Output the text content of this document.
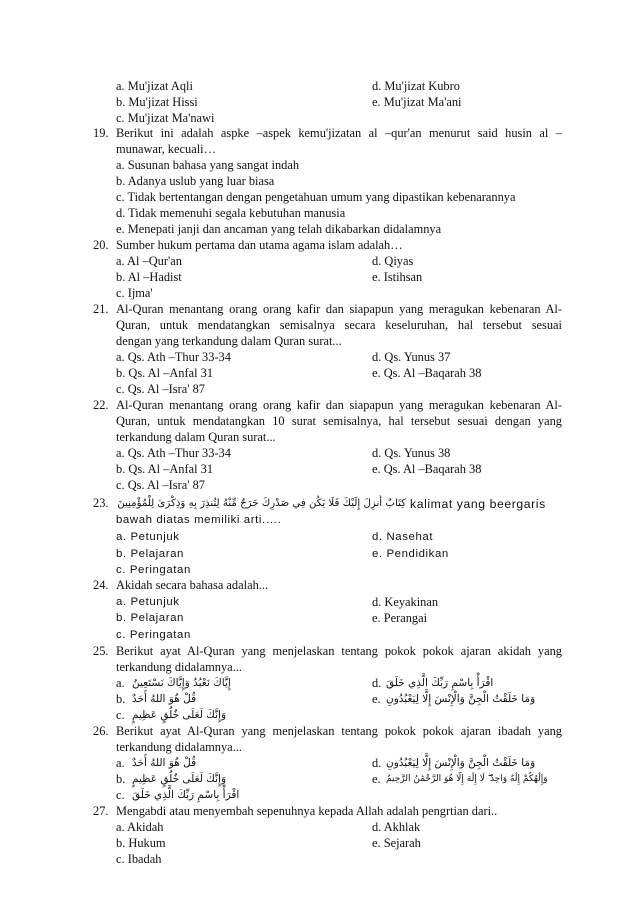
a. Mu'jizat Aqli	d. Mu'jizat Kubro
b. Mu'jizat Hissi	e. Mu'jizat Ma'ani
c. Mu'jizat Ma'nawi
19. Berikut ini adalah aspke –aspek kemu'jizatan al –qur'an menurut said husin al –
munawar, kecuali…
a. Susunan bahasa yang sangat indah
b. Adanya uslub yang luar biasa
c. Tidak bertentangan dengan pengetahuan umum yang dipastikan kebenarannya
d. Tidak memenuhi segala kebutuhan manusia
e. Menepati janji dan ancaman yang telah dikabarkan didalamnya
20. Sumber hukum pertama dan utama agama islam adalah…
a. Al –Qur'an	d. Qiyas
b. Al –Hadist	e. Istihsan
c. Ijma'
21. Al-Quran menantang orang orang kafir dan siapapun yang meragukan kebenaran Al-
Quran, untuk mendatangkan semisalnya secara keseluruhan, hal tersebut sesuai
dengan yang terkandung dalam Quran surat...
a. Qs. Ath –Thur 33-34	d. Qs. Yunus 37
b. Qs. Al –Anfal 31	e. Qs. Al –Baqarah 38
c. Qs. Al –Isra' 87
22. Al-Quran menantang orang orang kafir dan siapapun yang meragukan kebenaran Al-
Quran, untuk mendatangkan 10 surat semisalnya, hal tersebut sesuai dengan yang
terkandung dalam Quran surat...
a. Qs. Ath –Thur 33-34	d. Qs. Yunus 38
b. Qs. Al –Anfal 31	e. Qs. Al –Baqarah 38
c. Qs. Al –Isra' 87
23. كِتَابٌ أُنزِلَ إِلَيْكَ فَلَا يَكُن فِي صَدْرِكَ حَرَجٌ مِّنْهُ لِتُنذِرَ بِهِ وَذِكْرَىٰ لِلْمُؤْمِنِينَ kalimat yang beergaris
bawah diatas memiliki arti.….
a. Petunjuk	d. Nasehat
b. Pelajaran	e. Pendidikan
c. Peringatan
24. Akidah secara bahasa adalah...
a. Petunjuk	d. Keyakinan
b. Pelajaran	e. Perangai
c. Peringatan
25. Berikut ayat Al-Quran yang menjelaskan tentang pokok pokok ajaran akidah yang
terkandung didalamnya...
a. إِيَّاكَ نَعْبُدُ وَإِيَّاكَ نَسْتَعِينُ	d. اقْرَأْ بِاسْمِ رَبِّكَ الَّذِي خَلَقَ
b. قُلْ هُوَ اللهُ أَحَدٌ	e. وَمَا خَلَقْتُ الْجِنَّ وَالْإِنْسَ إِلَّا لِيَعْبُدُونِ
c. وَإِنَّكَ لَعَلَى خُلُقٍ عَظِيمٍ
26. Berikut ayat Al-Quran yang menjelaskan tentang pokok pokok ajaran ibadah yang
terkandung didalamnya...
a. قُلْ هُوَ اللهُ أَحَدٌ	d. وَمَا خَلَقْتُ الْجِنَّ وَالْإِنْسَ إِلَّا لِيَعْبُدُونِ
b. وَإِنَّكَ لَعَلَى خُلُقٍ عَظِيمٍ	e. وَإِلَٰهُكُمْ إِلَٰهٌ وَاحِدٌ ۖ لَا إِلَٰهَ إِلَّا هُوَ الرَّحْمَٰنُ الرَّحِيمُ
c. اقْرَأْ بِاسْمِ رَبِّكَ الَّذِي خَلَقَ
27. Mengabdi atau menyembah sepenuhnya kepada Allah adalah pengrtian dari..
a. Akidah	d. Akhlak
b. Hukum	e. Sejarah
c. Ibadah
